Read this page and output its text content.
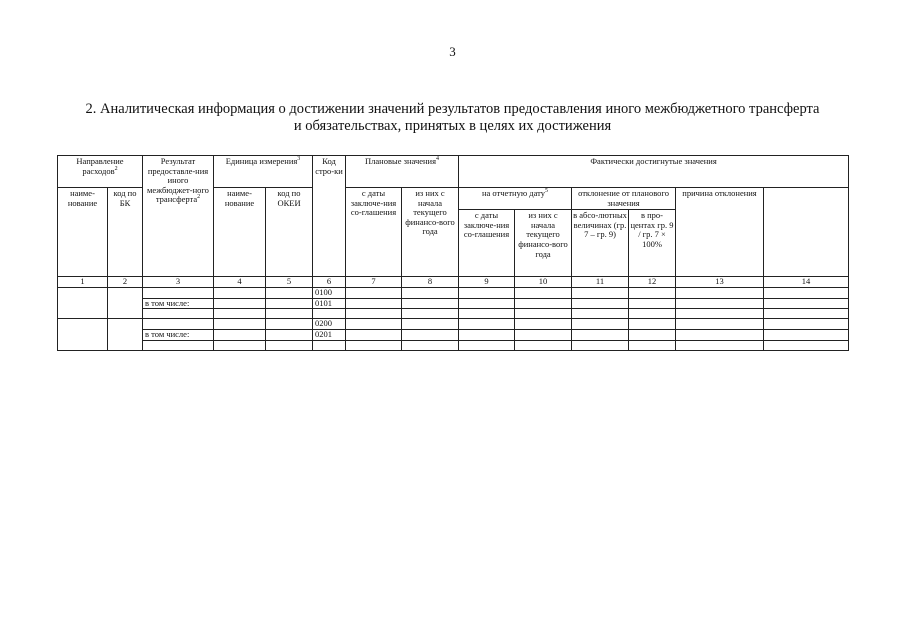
3
2. Аналитическая информация о достижении значений результатов предоставления иного межбюджетного трансферта
и обязательствах, принятых в целях их достижения
Направление расходов$^2$		Результат предоставле-ния иного межбюджет-ного трансферта$^2$	Единица измерения$^3$		Код стро-ки	Плановые значения$^4$		Фактически достигнутые значения	
наиме-нование	код по БК		наиме-нование	код по ОКЕИ		с даты заключе-ния со-глашения	из них с начала текущего финансо-вого года	на отчетную дату$^5$		отклонение от планового значения		причина отклонения		
								с даты заключе-ния со-глашения	из них с начала текущего финансо-вого года	в абсо-лютных величинах (гр. 7 – гр. 9)	в про-центах гр. 9 / гр. 7 × 100%			
1	2	3	4	5	6	7	8	9	10	11	12	13	14	
					0100									
		в том числе:			0101									

					0200									
		в том числе:			0201									
